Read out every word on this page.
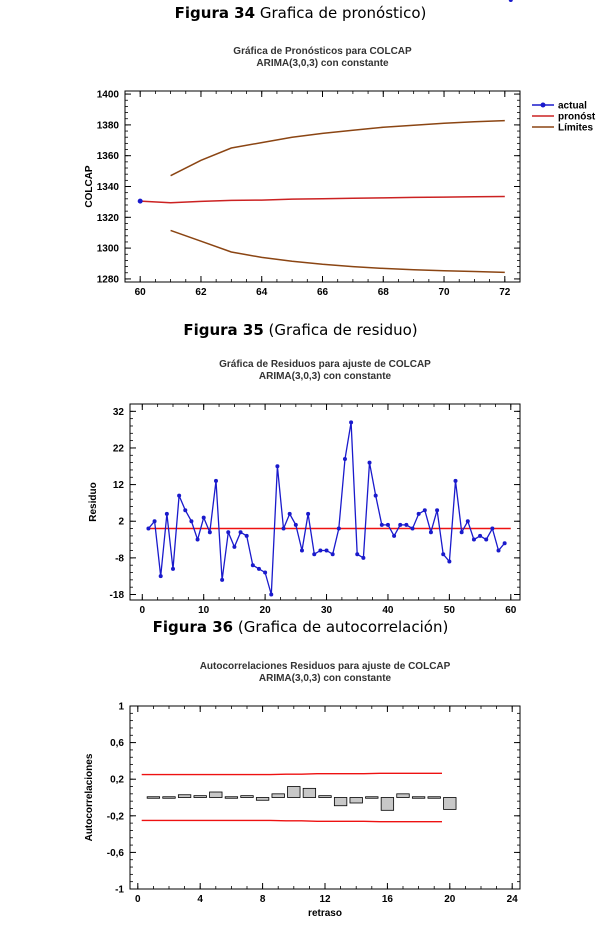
Figura 34 Grafica de pronóstico)
Figura 35 (Grafica de residuo)
Figura 36 (Grafica de autocorrelación)
Gráfica de Pronósticos para COLCAP
ARIMA(3,0,3) con constante
60	62	64	66	68	70	72
1280
1300
1320
1340
1360
1380
1400
COLCAP
actual
pronóst
Límites
Gráfica de Residuos para ajuste de COLCAP
ARIMA(3,0,3) con constante
0	10	20	30	40	50	60
-18
-8
2
12
22
32
Residuo
Autocorrelaciones Residuos para ajuste de COLCAP
ARIMA(3,0,3) con constante
0	4	8	12	16	20	24
-1
-0,6
-0,2
0,2
0,6
1
Autocorrelaciones
retraso
